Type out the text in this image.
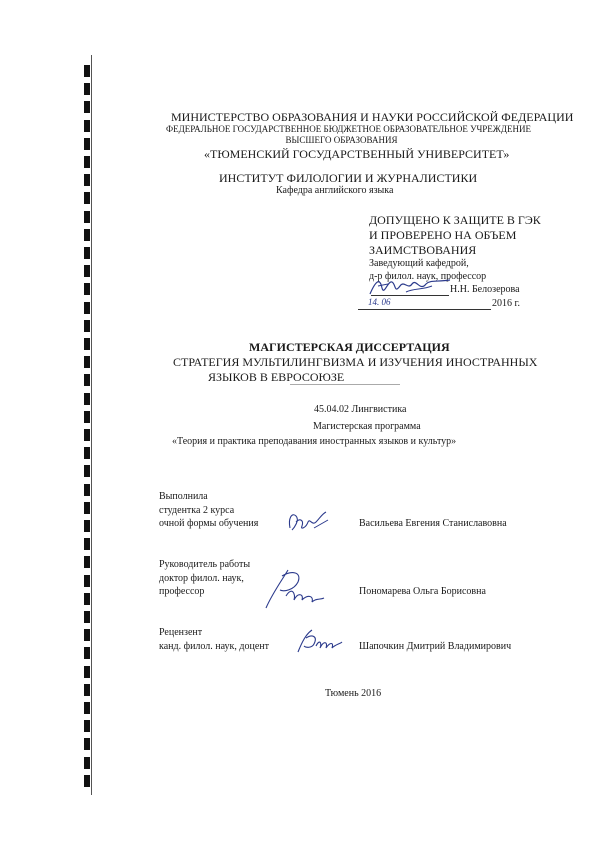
МИНИСТЕРСТВО ОБРАЗОВАНИЯ И НАУКИ РОССИЙСКОЙ ФЕДЕРАЦИИ
ФЕДЕРАЛЬНОЕ ГОСУДАРСТВЕННОЕ БЮДЖЕТНОЕ ОБРАЗОВАТЕЛЬНОЕ УЧРЕЖДЕНИЕ
ВЫСШЕГО ОБРАЗОВАНИЯ
«ТЮМЕНСКИЙ ГОСУДАРСТВЕННЫЙ УНИВЕРСИТЕТ»
ИНСТИТУТ ФИЛОЛОГИИ И ЖУРНАЛИСТИКИ
Кафедра английского языка
ДОПУЩЕНО К ЗАЩИТЕ В ГЭК
И ПРОВЕРЕНО НА ОБЪЕМ
ЗАИМСТВОВАНИЯ
Заведующий кафедрой,
д-р филол. наук, профессор
Н.Н. Белозерова
14. 06	2016 г.
МАГИСТЕРСКАЯ ДИССЕРТАЦИЯ
СТРАТЕГИЯ МУЛЬТИЛИНГВИЗМА И ИЗУЧЕНИЯ ИНОСТРАННЫХ
ЯЗЫКОВ В ЕВРОСОЮЗЕ
45.04.02 Лингвистика
Магистерская программа
«Теория и практика преподавания иностранных языков и культур»
Выполнила
студентка 2 курса
очной формы обучения	Васильева Евгения Станиславовна
Руководитель работы
доктор филол. наук,
профессор	Пономарева Ольга Борисовна
Рецензент
канд. филол. наук, доцент	Шапочкин Дмитрий Владимирович
Тюмень 2016
